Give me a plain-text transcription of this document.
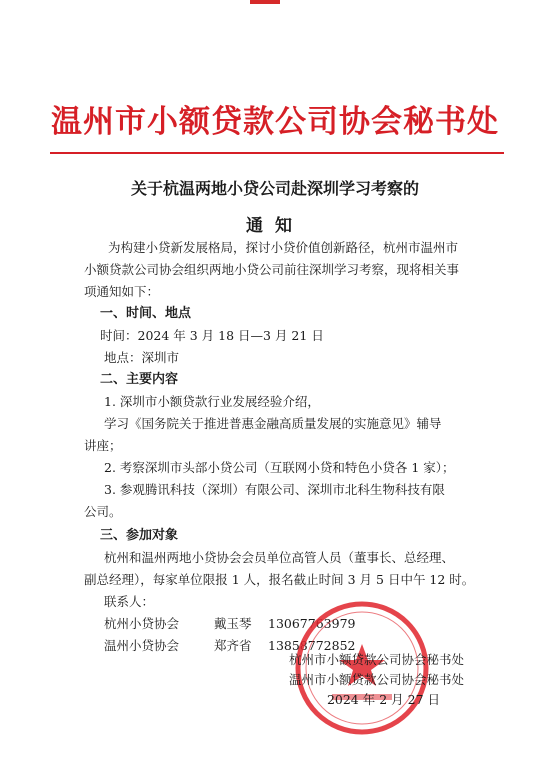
温州市小额贷款公司协会秘书处
关于杭温两地小贷公司赴深圳学习考察的
通知
为构建小贷新发展格局，探讨小贷价值创新路径，杭州市温州市
小额贷款公司协会组织两地小贷公司前往深圳学习考察，现将相关事
项通知如下：
一、时间、地点
时间：2024 年 3 月 18 日—3 月 21 日
地点：深圳市
二、主要内容
1. 深圳市小额贷款行业发展经验介绍，
学习《国务院关于推进普惠金融高质量发展的实施意见》辅导
讲座；
2. 考察深圳市头部小贷公司（互联网小贷和特色小贷各 1 家）；
3. 参观腾讯科技（深圳）有限公司、深圳市北科生物科技有限
公司。
三、参加对象
杭州和温州两地小贷协会会员单位高管人员（董事长、总经理、
副总经理），每家单位限报 1 人，报名截止时间 3 月 5 日中午 12 时。
联系人：
杭州小贷协会	戴玉琴 13067763979
温州小贷协会	郑齐省 13858772852
杭州市小额贷款公司协会秘书处
温州市小额贷款公司协会秘书处
2024 年 2 月 27 日
